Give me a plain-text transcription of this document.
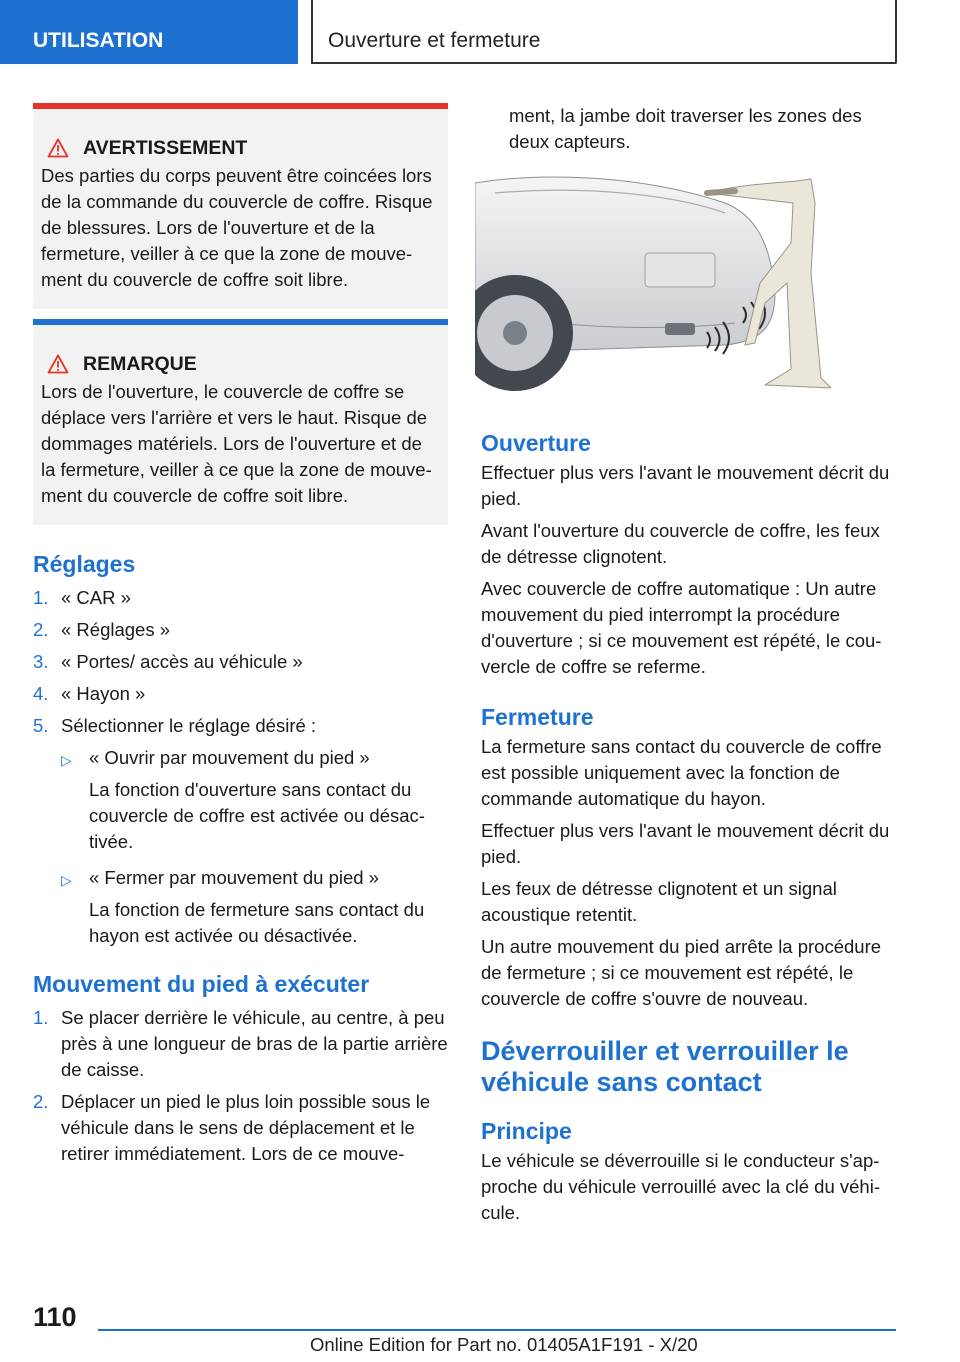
UTILISATION	Ouverture et fermeture
AVERTISSEMENT

Des parties du corps peuvent être coincées lors de la commande du couvercle de coffre. Risque de blessures. Lors de l'ouverture et de la fermeture, veiller à ce que la zone de mouve‐ment du couvercle de coffre soit libre.

REMARQUE

Lors de l'ouverture, le couvercle de coffre se déplace vers l'arrière et vers le haut. Risque de dommages matériels. Lors de l'ouverture et de la fermeture, veiller à ce que la zone de mouve‐ment du couvercle de coffre soit libre.

Réglages
1. « CAR »
2. « Réglages »
3. « Portes/ accès au véhicule »
4. « Hayon »
5. Sélectionner le réglage désiré :
▷ « Ouvrir par mouvement du pied »

La fonction d'ouverture sans contact du couvercle de coffre est activée ou désac‐tivée.

▷ « Fermer par mouvement du pied »

La fonction de fermeture sans contact du hayon est activée ou désactivée.

Mouvement du pied à exécuter
1. Se placer derrière le véhicule, au centre, à peu près à une longueur de bras de la partie arrière de caisse.
2. Déplacer un pied le plus loin possible sous le véhicule dans le sens de déplacement et le retirer immédiatement. Lors de ce mouve‐

ment, la jambe doit traverser les zones des deux capteurs.

Ouverture

Effectuer plus vers l'avant le mouvement décrit du pied.

Avant l'ouverture du couvercle de coffre, les feux de détresse clignotent.

Avec couvercle de coffre automatique : Un autre mouvement du pied interrompt la procédure d'ouverture ; si ce mouvement est répété, le cou‐vercle de coffre se referme.

Fermeture

La fermeture sans contact du couvercle de coffre est possible uniquement avec la fonction de commande automatique du hayon.

Effectuer plus vers l'avant le mouvement décrit du pied.

Les feux de détresse clignotent et un signal acoustique retentit.

Un autre mouvement du pied arrête la procédure de fermeture ; si ce mouvement est répété, le couvercle de coffre s'ouvre de nouveau.

Déverrouiller et verrouiller le véhicule sans contact
Principe

Le véhicule se déverrouille si le conducteur s'ap‐proche du véhicule verrouillé avec la clé du véhi‐cule.

110
Online Edition for Part no. 01405A1F191 - X/20
